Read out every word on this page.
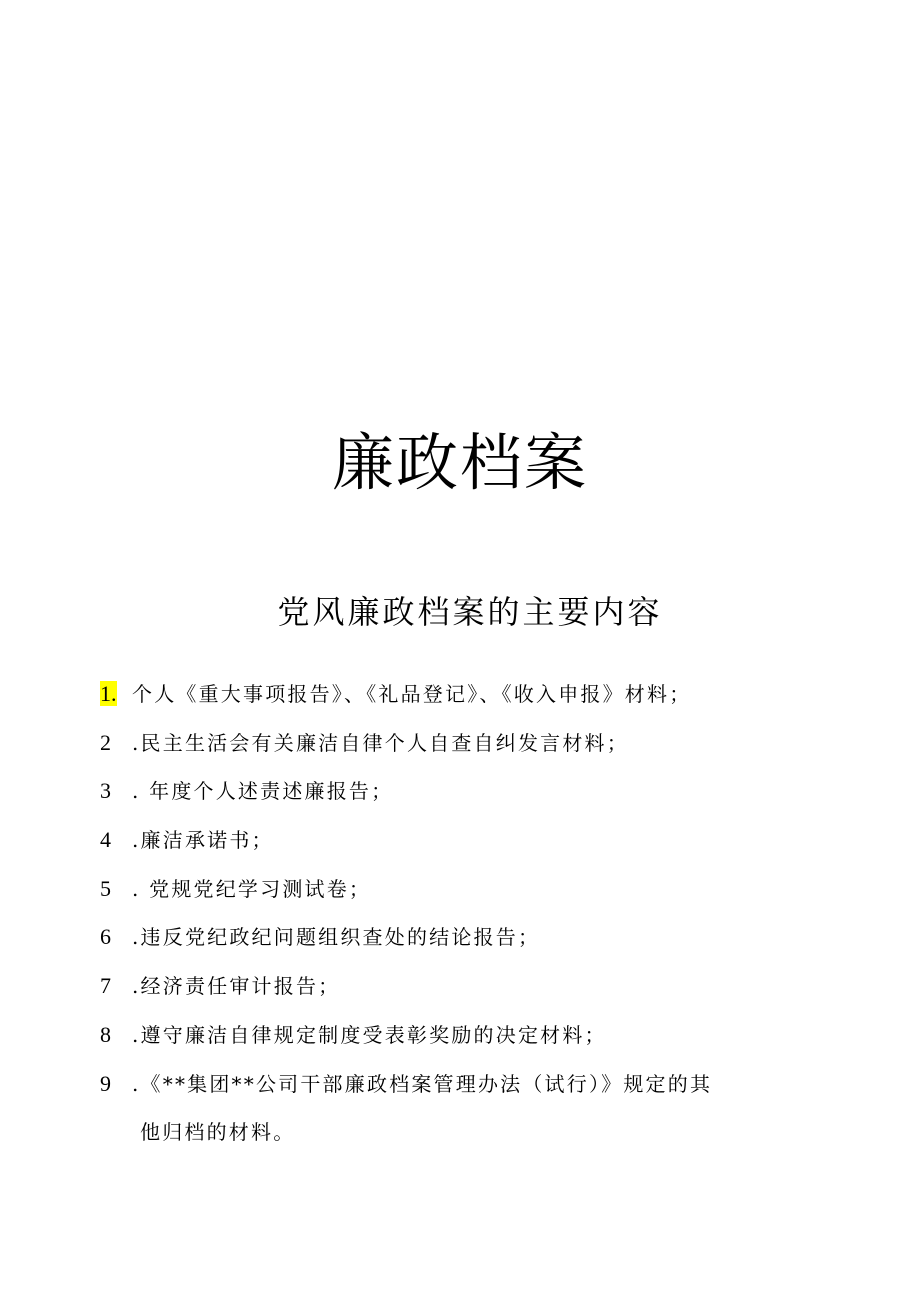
廉政档案
党风廉政档案的主要内容
1. 个人《重大事项报告》、《礼品登记》、《收入申报》材料；
2	.民主生活会有关廉洁自律个人自查自纠发言材料；
3	. 年度个人述责述廉报告；
4	.廉洁承诺书；
5	. 党规党纪学习测试卷；
6	.违反党纪政纪问题组织查处的结论报告；
7	.经济责任审计报告；
8	.遵守廉洁自律规定制度受表彰奖励的决定材料；
9	.《**集团**公司干部廉政档案管理办法（试行）》规定的其
他归档的材料。
